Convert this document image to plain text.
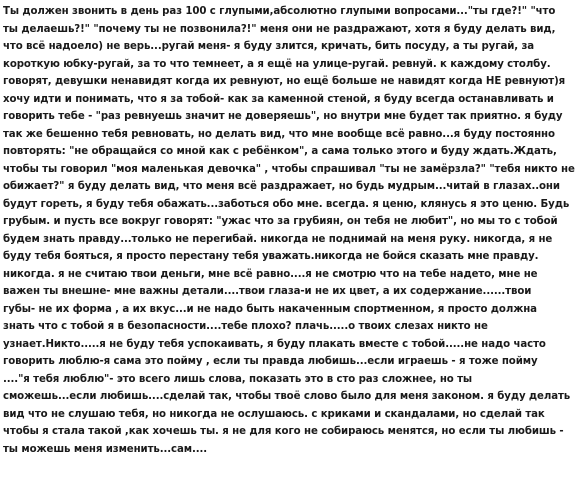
Ты должен звонить в день раз 100 с глупыми,абсолютно глупыми вопросами..."ты где?!" "что
ты делаешь?!" "почему ты не позвонила?!" меня они не раздражают, хотя я буду делать вид,
что всё надоело) не верь...ругай меня- я буду злится, кричать, бить посуду, а ты ругай, за
короткую юбку-ругай, за то что темнеет, а я ещё на улице-ругай. ревнуй. к каждому столбу.
говорят, девушки ненавидят когда их ревнуют, но ещё больше не навидят когда НЕ ревнуют)я
хочу идти и понимать, что я за тобой- как за каменной стеной, я буду всегда останавливать и
говорить тебе - "раз ревнуешь значит не доверяешь", но внутри мне будет так приятно. я буду
так же бешенно тебя ревновать, но делать вид, что мне вообще всё равно...я буду постоянно
повторять: "не обращайся со мной как с ребёнком", а сама только этого и буду ждать.Ждать,
чтобы ты говорил "моя маленькая девочка" , чтобы спрашивал "ты не замёрзла?" "тебя никто не
обижает?" я буду делать вид, что меня всё раздражает, но будь мудрым...читай в глазах..они
будут гореть, я буду тебя обажать...заботься обо мне. всегда. я ценю, клянусь я это ценю. Будь
грубым. и пусть все вокруг говорят: "ужас что за грубиян, он тебя не любит", но мы то с тобой
будем знать правду...только не перегибай. никогда не поднимай на меня руку. никогда, я не
буду тебя бояться, я просто перестану тебя уважать.никогда не бойся сказать мне правду.
никогда. я не считаю твои деньги, мне всё равно....я не смотрю что на тебе надето, мне не
важен ты внешне- мне важны детали....твои глаза-и не их цвет, а их содержание......твои
губы- не их форма , а их вкус...и не надо быть накаченным спортменном, я просто должна
знать что с тобой я в безопасности....тебе плохо? плачь.....о твоих слезах никто не
узнает.Никто.....я не буду тебя успокаивать, я буду плакать вместе с тобой.....не надо часто
говорить люблю-я сама это пойму , если ты правда любишь...если играешь - я тоже пойму
...."я тебя люблю"- это всего лишь слова, показать это в сто раз сложнее, но ты
сможешь...если любишь....сделай так, чтобы твоё слово было для меня законом. я буду делать
вид что не слушаю тебя, но никогда не ослушаюсь. с криками и скандалами, но сделай так
чтобы я стала такой ,как хочешь ты. я не для кого не собираюсь менятся, но если ты любишь -
ты можешь меня изменить...сам....
